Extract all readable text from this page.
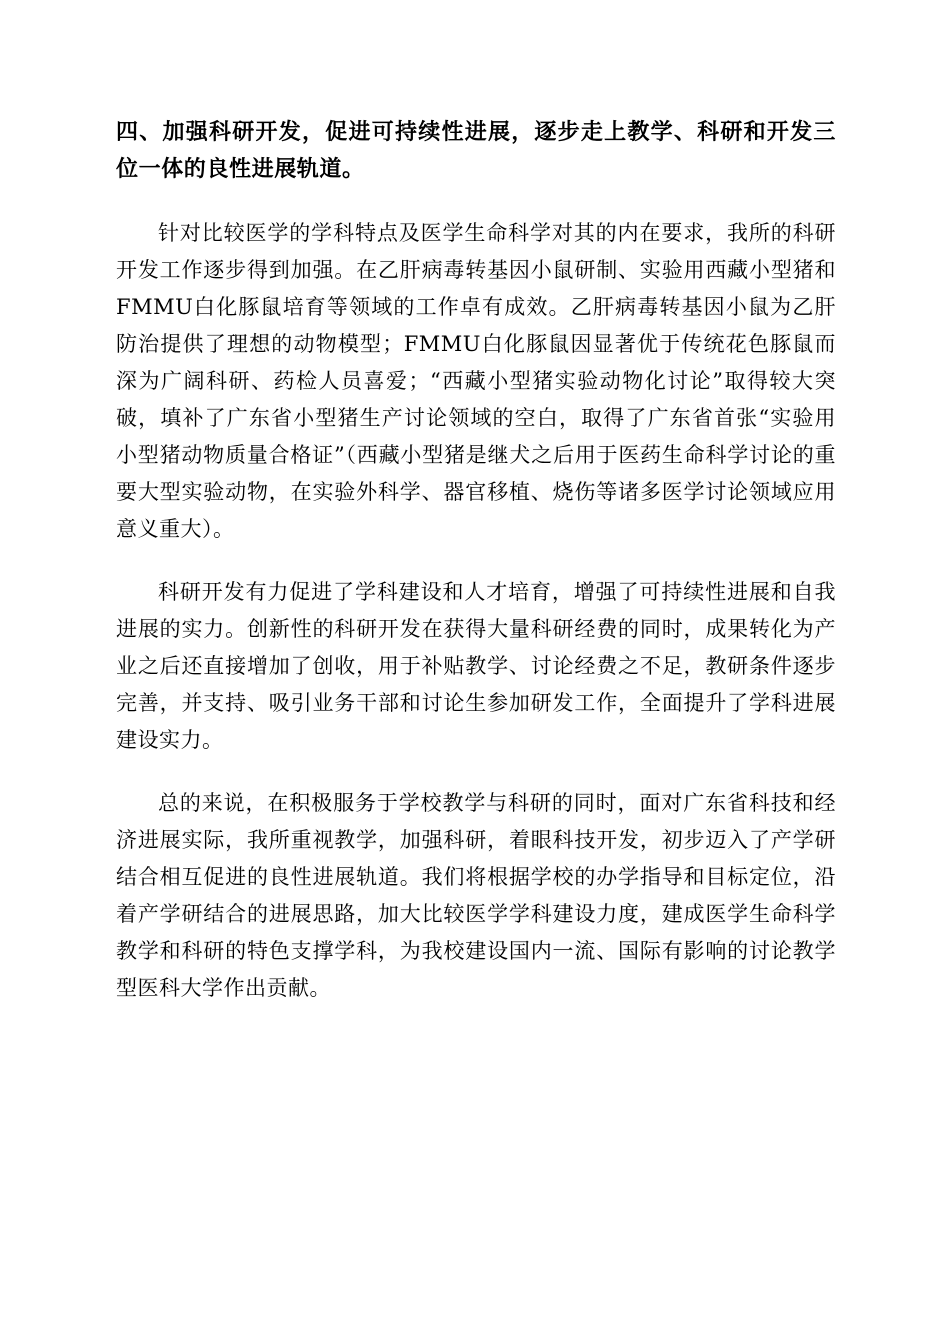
四、加强科研开发，促进可持续性进展，逐步走上教学、科研和开发三位一体的良性进展轨道。

针对比较医学的学科特点及医学生命科学对其的内在要求，我所的科研开发工作逐步得到加强。在乙肝病毒转基因小鼠研制、实验用西藏小型猪和FMMU白化豚鼠培育等领域的工作卓有成效。乙肝病毒转基因小鼠为乙肝防治提供了理想的动物模型；FMMU白化豚鼠因显著优于传统花色豚鼠而深为广阔科研、药检人员喜爱；“西藏小型猪实验动物化讨论”取得较大突破，填补了广东省小型猪生产讨论领域的空白，取得了广东省首张“实验用小型猪动物质量合格证”（西藏小型猪是继犬之后用于医药生命科学讨论的重要大型实验动物，在实验外科学、器官移植、烧伤等诸多医学讨论领域应用意义重大）。

科研开发有力促进了学科建设和人才培育，增强了可持续性进展和自我进展的实力。创新性的科研开发在获得大量科研经费的同时，成果转化为产业之后还直接增加了创收，用于补贴教学、讨论经费之不足，教研条件逐步完善，并支持、吸引业务干部和讨论生参加研发工作，全面提升了学科进展建设实力。

总的来说，在积极服务于学校教学与科研的同时，面对广东省科技和经济进展实际，我所重视教学，加强科研，着眼科技开发，初步迈入了产学研结合相互促进的良性进展轨道。我们将根据学校的办学指导和目标定位，沿着产学研结合的进展思路，加大比较医学学科建设力度，建成医学生命科学教学和科研的特色支撑学科，为我校建设国内一流、国际有影响的讨论教学型医科大学作出贡献。
